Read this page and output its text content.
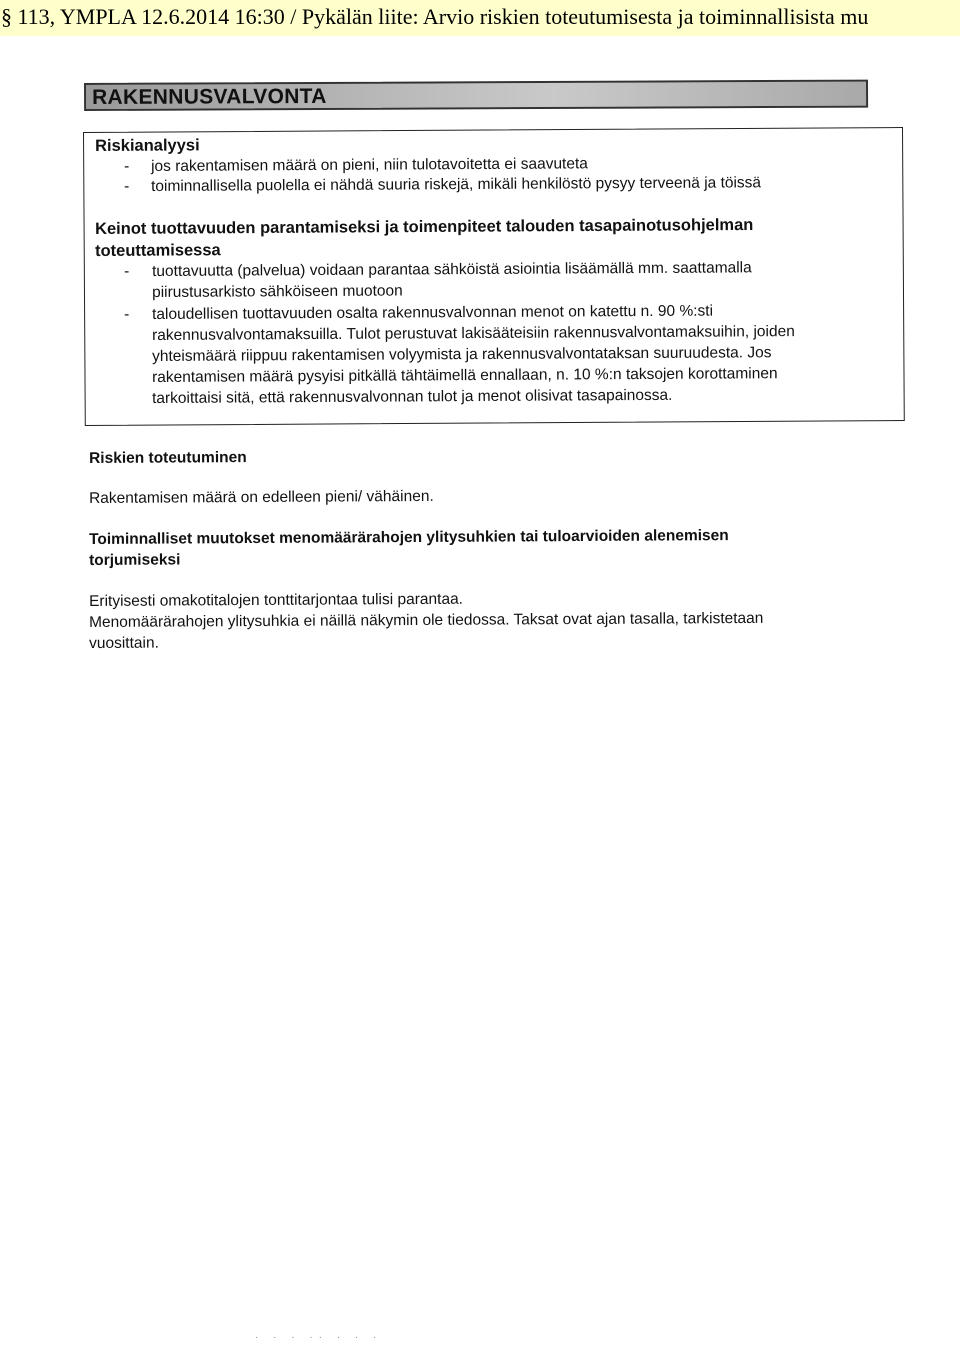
§ 113, YMPLA 12.6.2014 16:30 / Pykälän liite: Arvio riskien toteutumisesta ja toiminnallisista mu
RAKENNUSVALVONTA
Riskianalyysi
- jos rakentamisen määrä on pieni, niin tulotavoitetta ei saavuteta
- toiminnallisella puolella ei nähdä suuria riskejä, mikäli henkilöstö pysyy terveenä ja töissä
Keinot tuottavuuden parantamiseksi ja toimenpiteet talouden tasapainotusohjelman
toteuttamisessa
- tuottavuutta (palvelua) voidaan parantaa sähköistä asiointia lisäämällä mm. saattamalla
piirustusarkisto sähköiseen muotoon
- taloudellisen tuottavuuden osalta rakennusvalvonnan menot on katettu n. 90 %:sti
rakennusvalvontamaksuilla. Tulot perustuvat lakisääteisiin rakennusvalvontamaksuihin, joiden
yhteismäärä riippuu rakentamisen volyymista ja rakennusvalvontataksan suuruudesta. Jos
rakentamisen määrä pysyisi pitkällä tähtäimellä ennallaan, n. 10 %:n taksojen korottaminen
tarkoittaisi sitä, että rakennusvalvonnan tulot ja menot olisivat tasapainossa.
Riskien toteutuminen
Rakentamisen määrä on edelleen pieni/ vähäinen.
Toiminnalliset muutokset menomäärärahojen ylitysuhkien tai tuloarvioiden alenemisen
torjumiseksi
Erityisesti omakotitalojen tonttitarjontaa tulisi parantaa.
Menomäärärahojen ylitysuhkia ei näillä näkymin ole tiedossa. Taksat ovat ajan tasalla, tarkistetaan
vuosittain.
· · · ·· · · ·
